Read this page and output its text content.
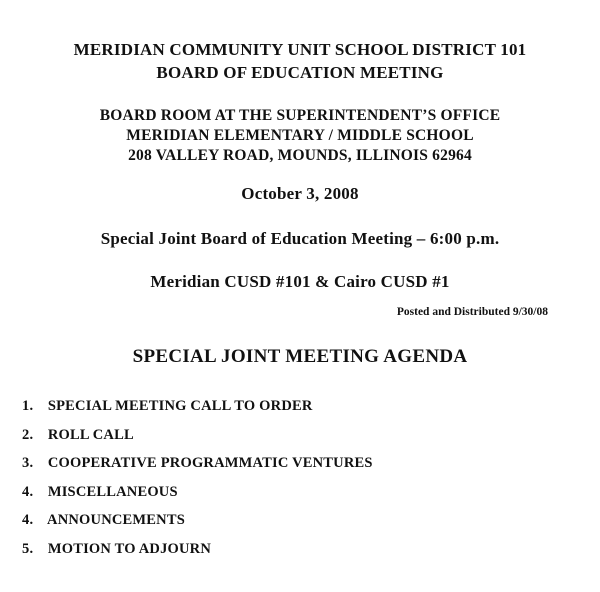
MERIDIAN COMMUNITY UNIT SCHOOL DISTRICT 101
BOARD OF EDUCATION MEETING
BOARD ROOM AT THE SUPERINTENDENT’S OFFICE
MERIDIAN ELEMENTARY / MIDDLE SCHOOL
208 VALLEY ROAD, MOUNDS, ILLINOIS 62964
October 3, 2008
Special Joint Board of Education Meeting – 6:00 p.m.
Meridian CUSD #101 & Cairo CUSD #1
Posted and Distributed 9/30/08
SPECIAL JOINT MEETING AGENDA
1. SPECIAL MEETING CALL TO ORDER
2. ROLL CALL
3. COOPERATIVE PROGRAMMATIC VENTURES
4. MISCELLANEOUS
4. ANNOUNCEMENTS
5. MOTION TO ADJOURN
